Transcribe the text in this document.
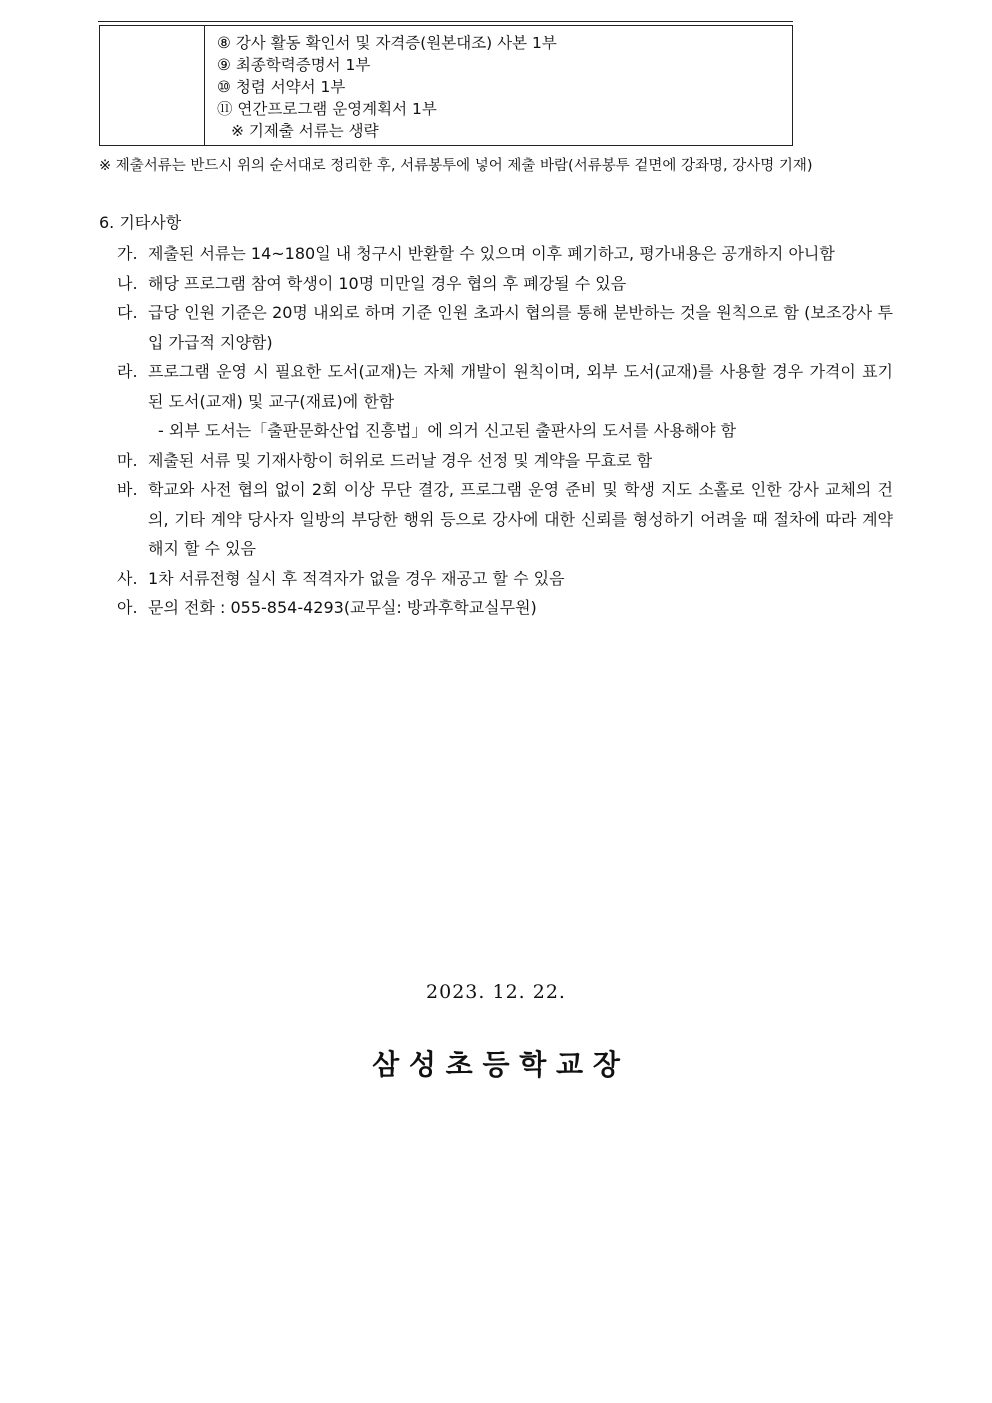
⑧ 강사 활동 확인서 및 자격증(원본대조) 사본 1부
⑨ 최종학력증명서 1부
⑩ 청렴 서약서 1부
⑪ 연간프로그램 운영계획서 1부
※ 기제출 서류는 생략
※ 제출서류는 반드시 위의 순서대로 정리한 후, 서류봉투에 넣어 제출 바람(서류봉투 겉면에 강좌명, 강사명 기재)
6. 기타사항
가. 제출된 서류는 14~180일 내 청구시 반환할 수 있으며 이후 폐기하고, 평가내용은 공개하지 아니함
나. 해당 프로그램 참여 학생이 10명 미만일 경우 협의 후 폐강될 수 있음
다. 급당 인원 기준은 20명 내외로 하며 기준 인원 초과시 협의를 통해 분반하는 것을 원칙으로 함 (보조강사 투입 가급적 지양함)
라. 프로그램 운영 시 필요한 도서(교재)는 자체 개발이 원칙이며, 외부 도서(교재)를 사용할 경우 가격이 표기된 도서(교재) 및 교구(재료)에 한함
- 외부 도서는「출판문화산업 진흥법」에 의거 신고된 출판사의 도서를 사용해야 함
마. 제출된 서류 및 기재사항이 허위로 드러날 경우 선정 및 계약을 무효로 함
바. 학교와 사전 협의 없이 2회 이상 무단 결강, 프로그램 운영 준비 및 학생 지도 소홀로 인한 강사 교체의 건의, 기타 계약 당사자 일방의 부당한 행위 등으로 강사에 대한 신뢰를 형성하기 어려울 때 절차에 따라 계약 해지 할 수 있음
사. 1차 서류전형 실시 후 적격자가 없을 경우 재공고 할 수 있음
아. 문의 전화 : 055-854-4293(교무실: 방과후학교실무원)
2023. 12. 22.
삼 성 초 등 학 교 장
